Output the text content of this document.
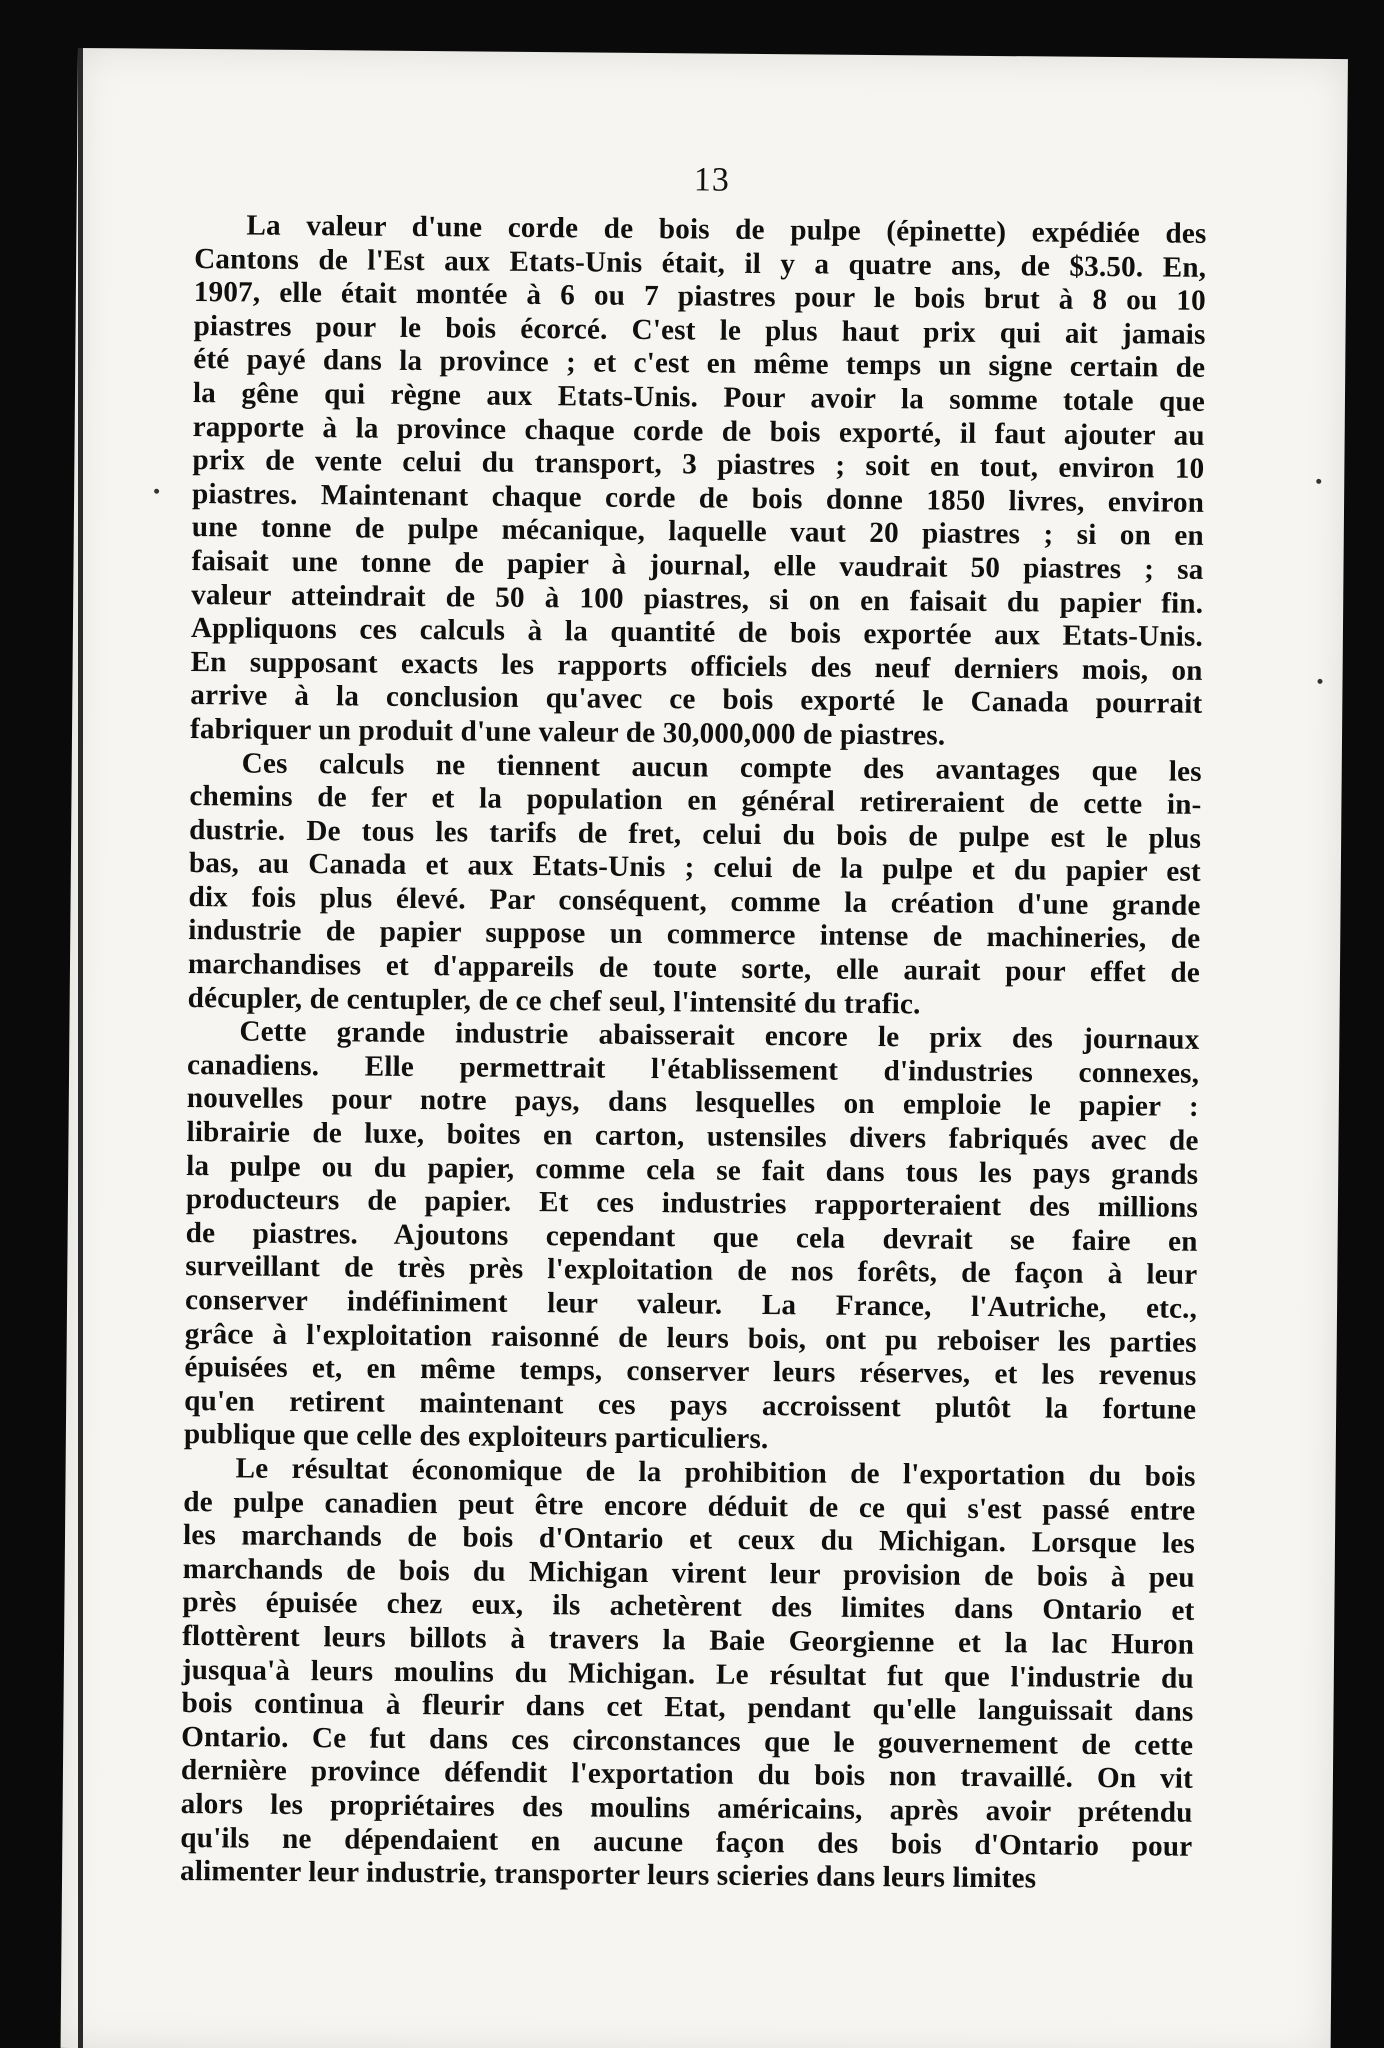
13

La valeur d'une corde de bois de pulpe (épinette) expédiée des
Cantons de l'Est aux Etats-Unis était, il y a quatre ans, de $3.50. En,
1907, elle était montée à 6 ou 7 piastres pour le bois brut à 8 ou 10
piastres pour le bois écorcé. C'est le plus haut prix qui ait jamais
été payé dans la province ; et c'est en même temps un signe certain de
la gêne qui règne aux Etats-Unis. Pour avoir la somme totale que
rapporte à la province chaque corde de bois exporté, il faut ajouter au
prix de vente celui du transport, 3 piastres ; soit en tout, environ 10
piastres. Maintenant chaque corde de bois donne 1850 livres, environ
une tonne de pulpe mécanique, laquelle vaut 20 piastres ; si on en
faisait une tonne de papier à journal, elle vaudrait 50 piastres ; sa
valeur atteindrait de 50 à 100 piastres, si on en faisait du papier fin.
Appliquons ces calculs à la quantité de bois exportée aux Etats-Unis.
En supposant exacts les rapports officiels des neuf derniers mois, on
arrive à la conclusion qu'avec ce bois exporté le Canada pourrait
fabriquer un produit d'une valeur de 30,000,000 de piastres.

Ces calculs ne tiennent aucun compte des avantages que les
chemins de fer et la population en général retireraient de cette in-
dustrie. De tous les tarifs de fret, celui du bois de pulpe est le plus
bas, au Canada et aux Etats-Unis ; celui de la pulpe et du papier est
dix fois plus élevé. Par conséquent, comme la création d'une grande
industrie de papier suppose un commerce intense de machineries, de
marchandises et d'appareils de toute sorte, elle aurait pour effet de
décupler, de centupler, de ce chef seul, l'intensité du trafic.

Cette grande industrie abaisserait encore le prix des journaux
canadiens. Elle permettrait l'établissement d'industries connexes,
nouvelles pour notre pays, dans lesquelles on emploie le papier :
librairie de luxe, boites en carton, ustensiles divers fabriqués avec de
la pulpe ou du papier, comme cela se fait dans tous les pays grands
producteurs de papier. Et ces industries rapporteraient des millions
de piastres. Ajoutons cependant que cela devrait se faire en
surveillant de très près l'exploitation de nos forêts, de façon à leur
conserver indéfiniment leur valeur. La France, l'Autriche, etc.,
grâce à l'exploitation raisonné de leurs bois, ont pu reboiser les parties
épuisées et, en même temps, conserver leurs réserves, et les revenus
qu'en retirent maintenant ces pays accroissent plutôt la fortune
publique que celle des exploiteurs particuliers.

Le résultat économique de la prohibition de l'exportation du bois
de pulpe canadien peut être encore déduit de ce qui s'est passé entre
les marchands de bois d'Ontario et ceux du Michigan. Lorsque les
marchands de bois du Michigan virent leur provision de bois à peu
près épuisée chez eux, ils achetèrent des limites dans Ontario et
flottèrent leurs billots à travers la Baie Georgienne et la lac Huron
jusqua'à leurs moulins du Michigan. Le résultat fut que l'industrie du
bois continua à fleurir dans cet Etat, pendant qu'elle languissait dans
Ontario. Ce fut dans ces circonstances que le gouvernement de cette
dernière province défendit l'exportation du bois non travaillé. On vit
alors les propriétaires des moulins américains, après avoir prétendu
qu'ils ne dépendaient en aucune façon des bois d'Ontario pour
alimenter leur industrie, transporter leurs scieries dans leurs limites
